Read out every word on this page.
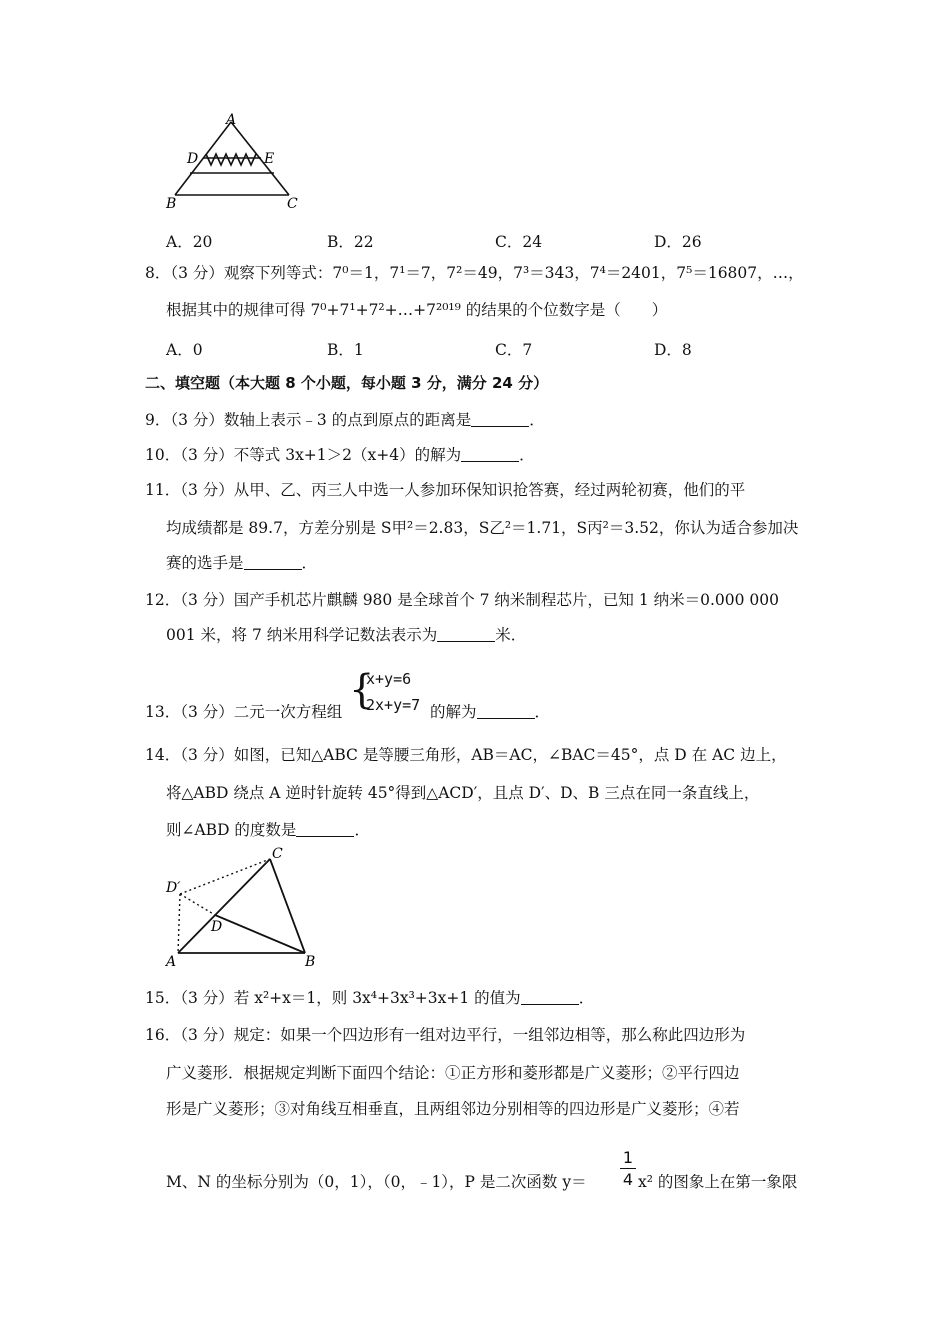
A
D	E
B	C
A．20	B．22	C．24	D．26
8．（3 分）观察下列等式：7⁰＝1，7¹＝7，7²＝49，7³＝343，7⁴＝2401，7⁵＝16807，…，
根据其中的规律可得 7⁰+7¹+7²+…+7²⁰¹⁹ 的结果的个位数字是（　　）
A．0	B．1	C．7	D．8
二、填空题（本大题 8 个小题，每小题 3 分，满分 24 分）
9．（3 分）数轴上表示﹣3 的点到原点的距离是	．
10．（3 分）不等式 3x+1＞2（x+4）的解为	．
11．（3 分）从甲、乙、丙三人中选一人参加环保知识抢答赛，经过两轮初赛，他们的平
均成绩都是 89.7，方差分别是 S甲²＝2.83，S乙²＝1.71，S丙²＝3.52，你认为适合参加决
赛的选手是	．
12．（3 分）国产手机芯片麒麟 980 是全球首个 7 纳米制程芯片，已知 1 纳米＝0.000 000
001 米，将 7 纳米用科学记数法表示为	米．
13．（3 分）二元一次方程组 {
x+y=6
2x+y=7 的解为	．
14．（3 分）如图，已知△ABC 是等腰三角形，AB＝AC，∠BAC＝45°，点 D 在 AC 边上，
将△ABD 绕点 A 逆时针旋转 45°得到△ACD′，且点 D′、D、B 三点在同一条直线上，
则∠ABD 的度数是	．
C
D′
D
A	B
15．（3 分）若 x²+x＝1，则 3x⁴+3x³+3x+1 的值为	．
16．（3 分）规定：如果一个四边形有一组对边平行，一组邻边相等，那么称此四边形为
广义菱形．根据规定判断下面四个结论：①正方形和菱形都是广义菱形；②平行四边
形是广义菱形；③对角线互相垂直，且两组邻边分别相等的四边形是广义菱形；④若
M、N 的坐标分别为（0，1），（0，﹣1），P 是二次函数 y＝
1
4 x² 的图象上在第一象限
